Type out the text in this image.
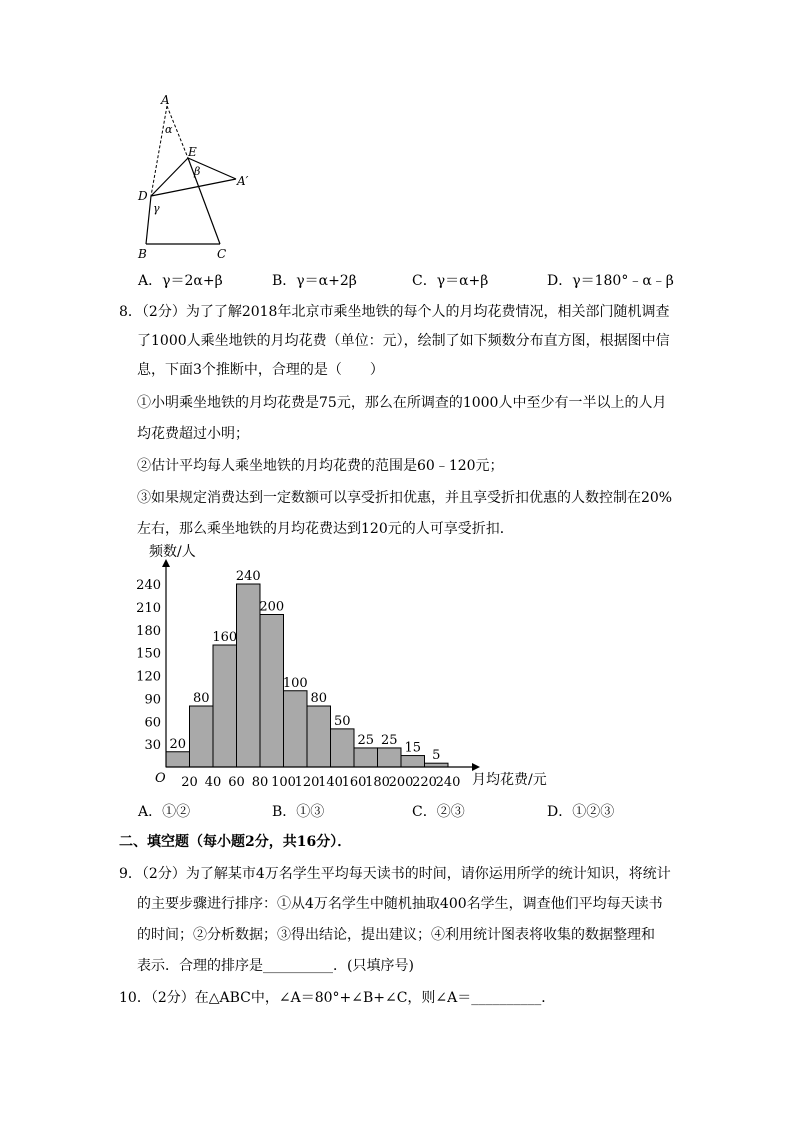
A
α
E
β
A′
D
γ
B	C
A．γ＝2α+β	B．γ＝α+2β	C．γ＝α+β	D．γ＝180°﹣α﹣β
8．（2分）为了了解2018年北京市乘坐地铁的每个人的月均花费情况，相关部门随机调查
了1000人乘坐地铁的月均花费（单位：元），绘制了如下频数分布直方图，根据图中信
息，下面3个推断中，合理的是（　　）
①小明乘坐地铁的月均花费是75元，那么在所调查的1000人中至少有一半以上的人月
均花费超过小明；
②估计平均每人乘坐地铁的月均花费的范围是60﹣120元；
③如果规定消费达到一定数额可以享受折扣优惠，并且享受折扣优惠的人数控制在20%
左右，那么乘坐地铁的月均花费达到120元的人可享受折扣．
20
80
160
240
200
100
80
50
25 25
15
5
30
60
90
120
150
180
210
240
20 40 60 80 100
120
140
160
180
200
220
240
频数/人
月均花费/元
O
A．①②	B．①③	C．②③	D．①②③
二、填空题（每小题2分，共16分）．
9．（2分）为了解某市4万名学生平均每天读书的时间，请你运用所学的统计知识，将统计
的主要步骤进行排序：①从4万名学生中随机抽取400名学生，调查他们平均每天读书
的时间；②分析数据；③得出结论，提出建议；④利用统计图表将收集的数据整理和
表示．合理的排序是__________．(只填序号)
10．（2分）在△ABC中，∠A＝80°+∠B+∠C，则∠A＝__________．
